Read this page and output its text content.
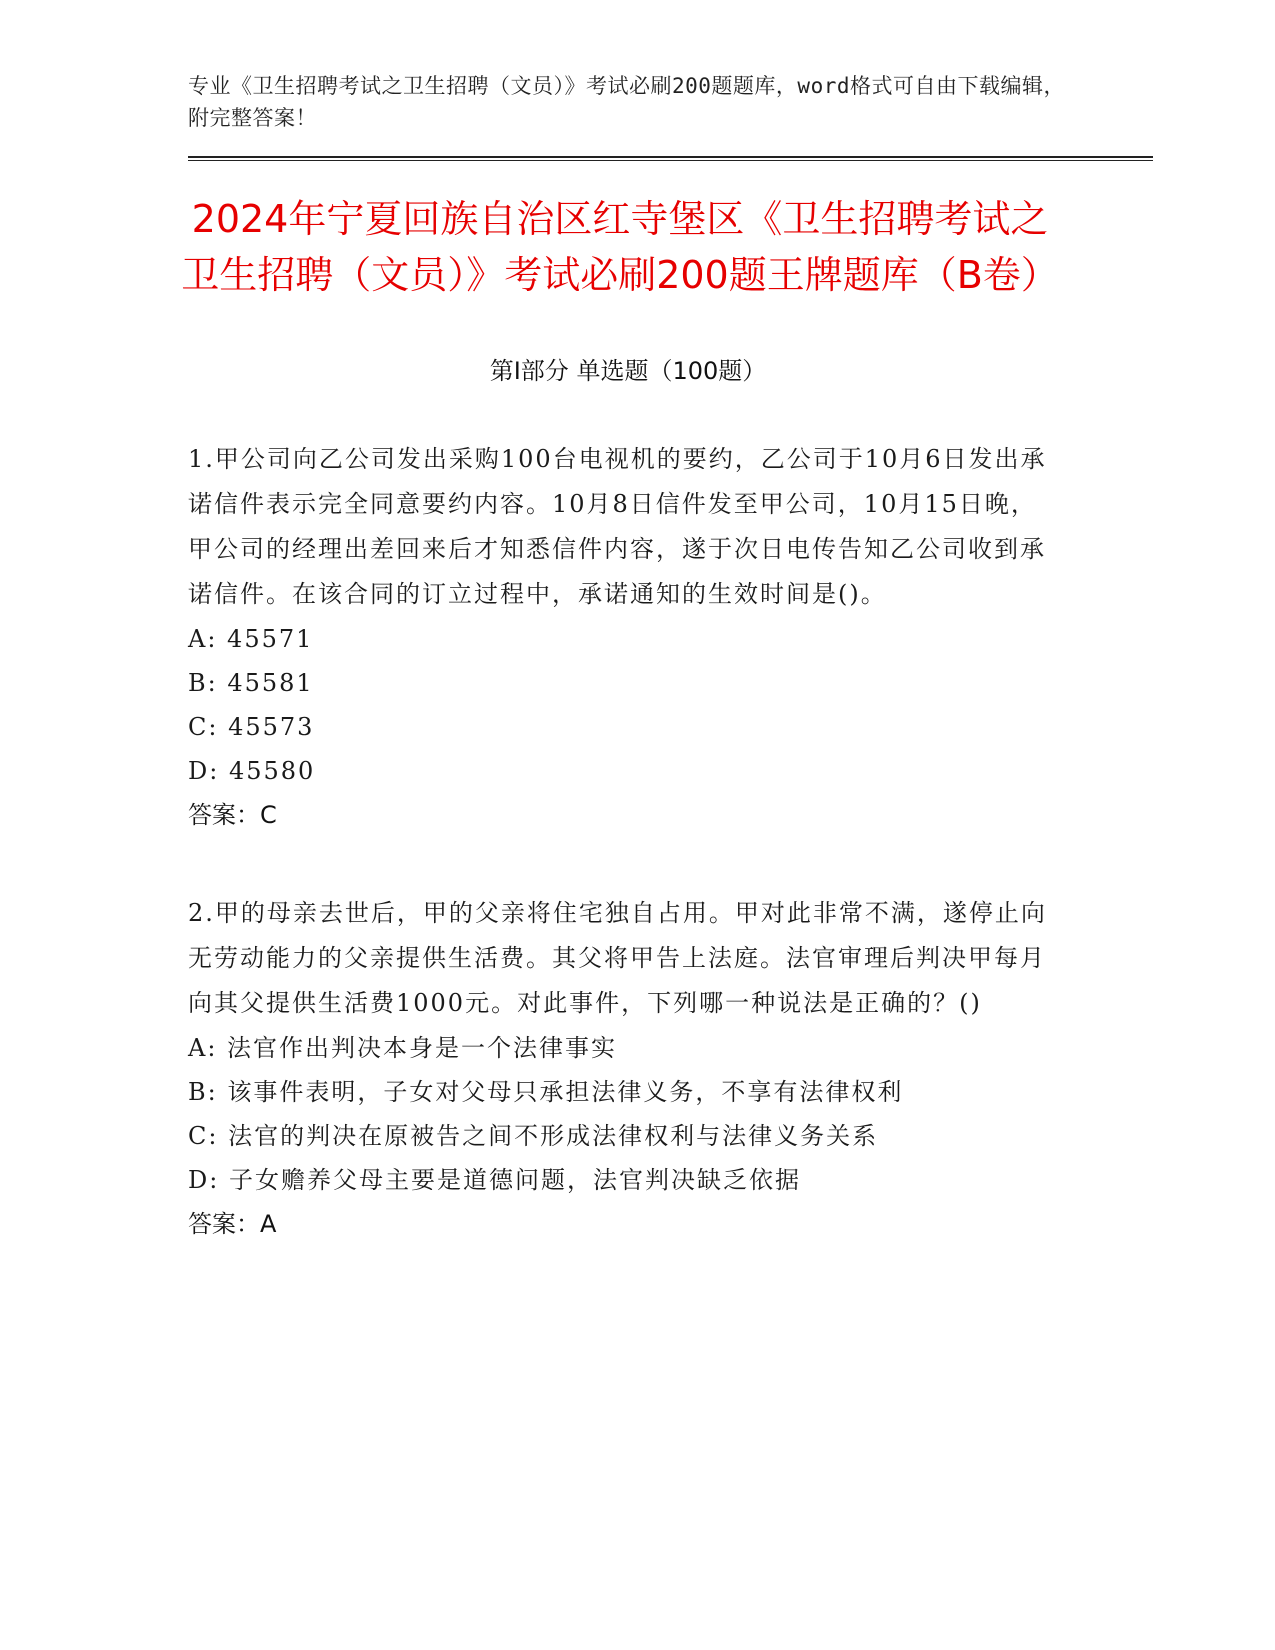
专业《卫生招聘考试之卫生招聘（文员）》考试必刷200题题库，word格式可自由下载编辑，附完整答案！

2024年宁夏回族自治区红寺堡区《卫生招聘考试之卫生招聘（文员）》考试必刷200题王牌题库（B卷）
第Ⅰ部分 单选题（100题）

1.甲公司向乙公司发出采购100台电视机的要约，乙公司于10月6日发出承诺信件表示完全同意要约内容。10月8日信件发至甲公司，10月15日晚，甲公司的经理出差回来后才知悉信件内容，遂于次日电传告知乙公司收到承诺信件。在该合同的订立过程中，承诺通知的生效时间是()。

A: 45571

B: 45581

C: 45573

D: 45580

答案：C

2.甲的母亲去世后，甲的父亲将住宅独自占用。甲对此非常不满，遂停止向无劳动能力的父亲提供生活费。其父将甲告上法庭。法官审理后判决甲每月向其父提供生活费1000元。对此事件，下列哪一种说法是正确的？()

A: 法官作出判决本身是一个法律事实

B: 该事件表明，子女对父母只承担法律义务，不享有法律权利

C: 法官的判决在原被告之间不形成法律权利与法律义务关系

D: 子女赡养父母主要是道德问题，法官判决缺乏依据

答案：A
